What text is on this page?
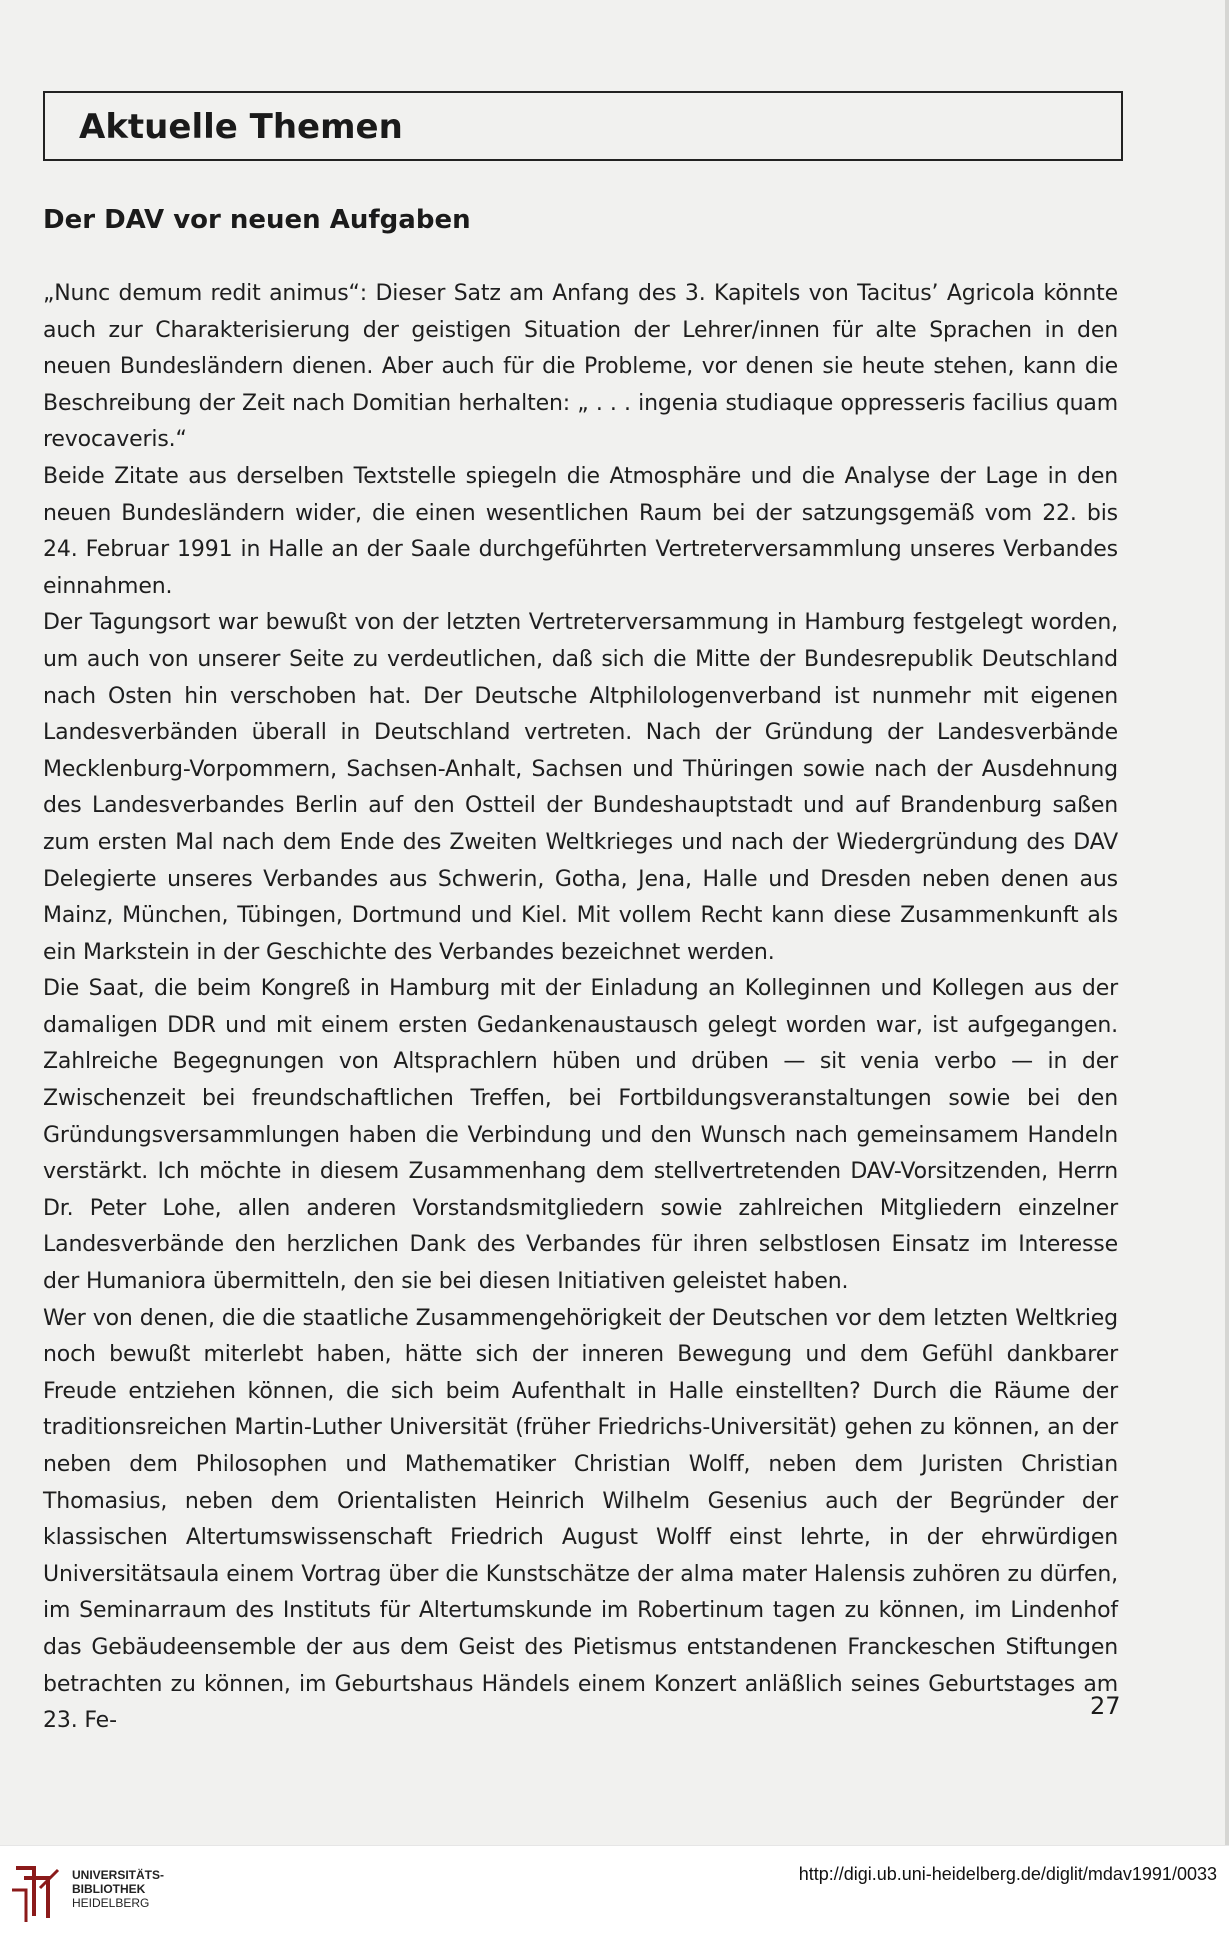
Aktuelle Themen
Der DAV vor neuen Aufgaben

„Nunc demum redit animus“: Dieser Satz am Anfang des 3. Kapitels von Tacitus’ Agricola könnte auch zur Charakterisierung der geistigen Situation der Lehrer/innen für alte Sprachen in den neuen Bundesländern dienen. Aber auch für die Probleme, vor denen sie heute stehen, kann die Beschreibung der Zeit nach Domitian herhalten: „ . . . ingenia studiaque oppresseris facilius quam revocaveris.“

Beide Zitate aus derselben Textstelle spiegeln die Atmosphäre und die Analyse der Lage in den neuen Bundesländern wider, die einen wesentlichen Raum bei der satzungsgemäß vom 22. bis 24. Februar 1991 in Halle an der Saale durchgeführten Vertreterversammlung unseres Verbandes einnahmen.

Der Tagungsort war bewußt von der letzten Vertreterversammung in Hamburg festgelegt worden, um auch von unserer Seite zu verdeutlichen, daß sich die Mitte der Bundesrepublik Deutschland nach Osten hin verschoben hat. Der Deutsche Altphilologenverband ist nunmehr mit eigenen Landesverbänden überall in Deutschland vertreten. Nach der Gründung der Landesverbände Mecklenburg-Vorpommern, Sachsen-Anhalt, Sachsen und Thüringen sowie nach der Ausdehnung des Landesverbandes Berlin auf den Ostteil der Bundeshauptstadt und auf Brandenburg saßen zum ersten Mal nach dem Ende des Zweiten Weltkrieges und nach der Wiedergründung des DAV Delegierte unseres Verbandes aus Schwerin, Gotha, Jena, Halle und Dresden neben denen aus Mainz, München, Tübingen, Dortmund und Kiel. Mit vollem Recht kann diese Zusammenkunft als ein Markstein in der Geschichte des Verbandes bezeichnet werden.

Die Saat, die beim Kongreß in Hamburg mit der Einladung an Kolleginnen und Kollegen aus der damaligen DDR und mit einem ersten Gedankenaustausch gelegt worden war, ist aufgegangen. Zahlreiche Begegnungen von Altsprachlern hüben und drüben — sit venia verbo — in der Zwischenzeit bei freundschaftlichen Treffen, bei Fortbildungsveranstaltungen sowie bei den Gründungsversammlungen haben die Verbindung und den Wunsch nach gemeinsamem Handeln verstärkt. Ich möchte in diesem Zusammenhang dem stellvertretenden DAV-Vorsitzenden, Herrn Dr. Peter Lohe, allen anderen Vorstandsmitgliedern sowie zahlreichen Mitgliedern einzelner Landesverbände den herzlichen Dank des Verbandes für ihren selbstlosen Einsatz im Interesse der Humaniora übermitteln, den sie bei diesen Initiativen geleistet haben.

Wer von denen, die die staatliche Zusammengehörigkeit der Deutschen vor dem letzten Weltkrieg noch bewußt miterlebt haben, hätte sich der inneren Bewegung und dem Gefühl dankbarer Freude entziehen können, die sich beim Aufenthalt in Halle einstellten? Durch die Räume der traditionsreichen Martin-Luther Universität (früher Friedrichs-Universität) gehen zu können, an der neben dem Philosophen und Mathematiker Christian Wolff, neben dem Juristen Christian Thomasius, neben dem Orientalisten Heinrich Wilhelm Gesenius auch der Begründer der klassischen Altertumswissenschaft Friedrich August Wolff einst lehrte, in der ehrwürdigen Universitätsaula einem Vortrag über die Kunstschätze der alma mater Halensis zuhören zu dürfen, im Seminarraum des Instituts für Altertumskunde im Robertinum tagen zu können, im Lindenhof das Gebäudeensemble der aus dem Geist des Pietismus entstandenen Franckeschen Stiftungen betrachten zu können, im Geburtshaus Händels einem Konzert anläßlich seines Geburtstages am 23. Fe-

27
UNIVERSITÄTS-
BIBLIOTHEK
HEIDELBERG
http://digi.ub.uni-heidelberg.de/diglit/mdav1991/0033
